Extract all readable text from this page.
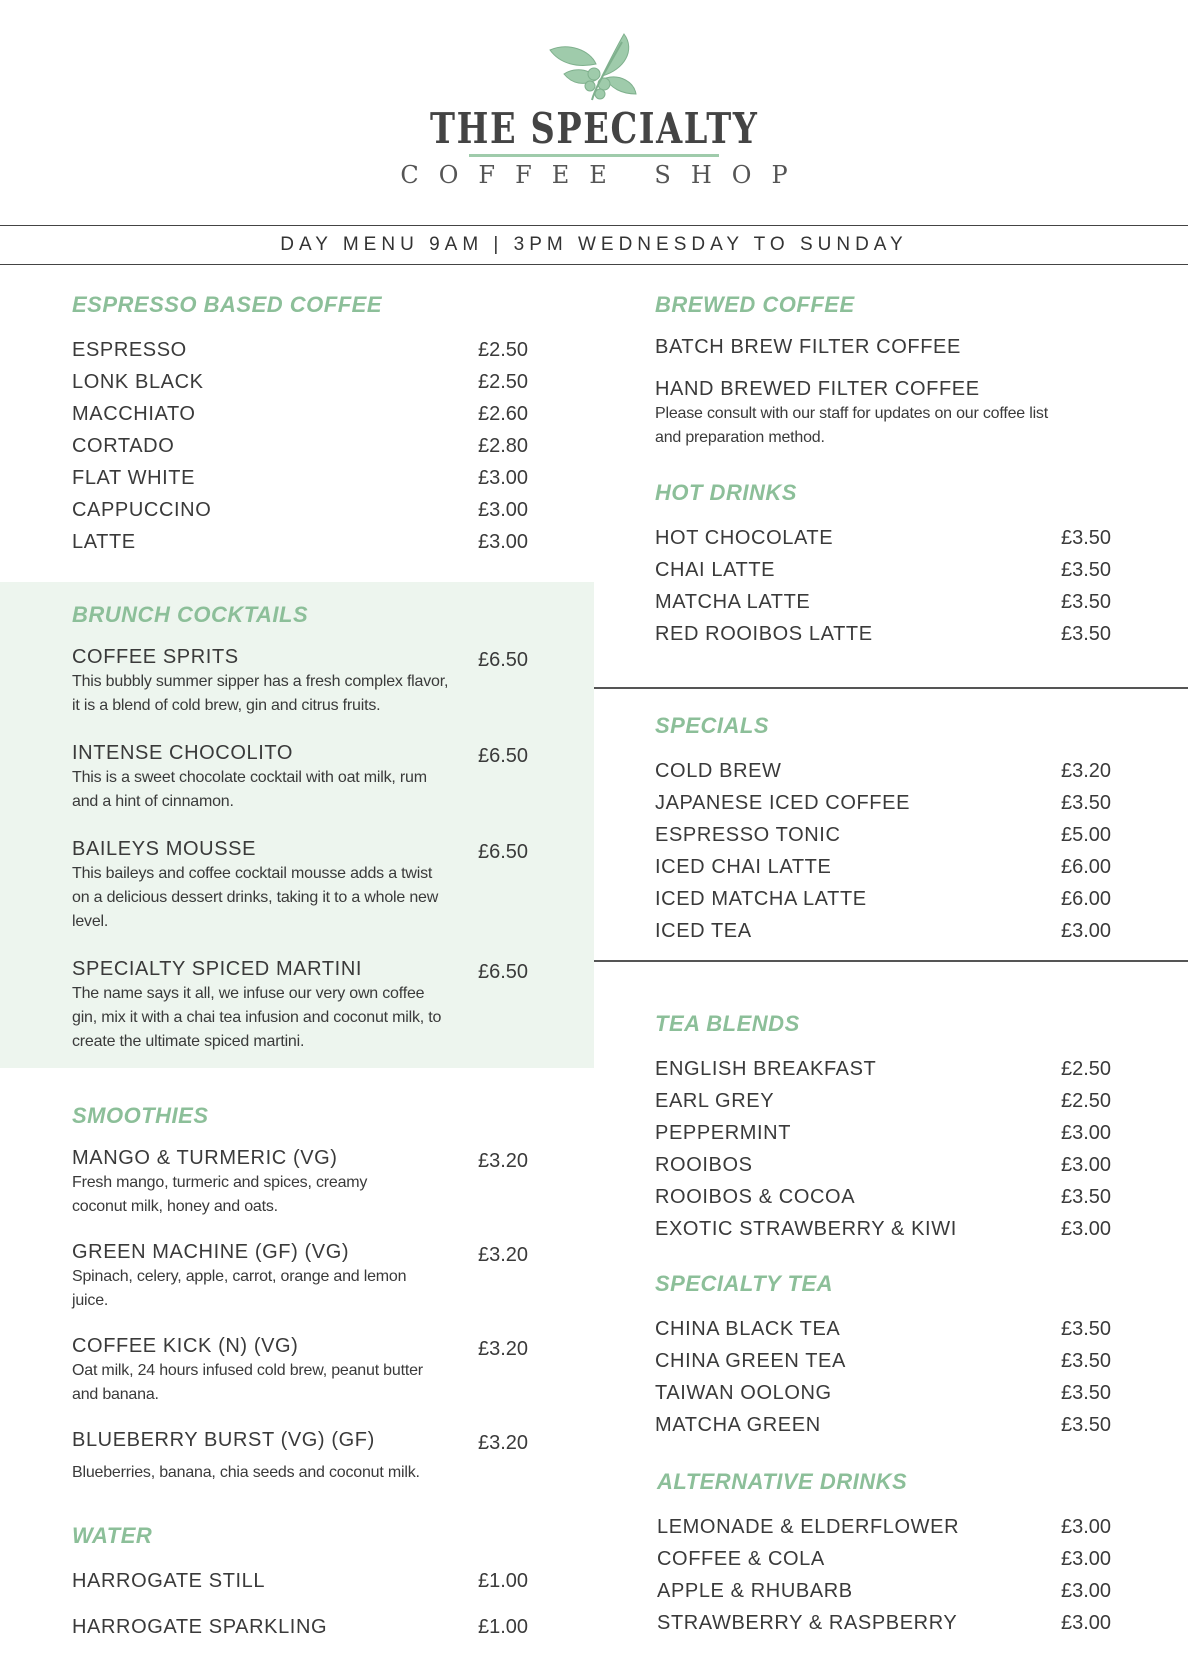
THE SPECIALTY
COFFEE SHOP
DAY MENU 9AM | 3PM WEDNESDAY TO SUNDAY
ESPRESSO BASED COFFEE
ESPRESSO	£2.50
LONK BLACK	£2.50
MACCHIATO	£2.60
CORTADO	£2.80
FLAT WHITE	£3.00
CAPPUCCINO	£3.00
LATTE	£3.00
BRUNCH COCKTAILS
COFFEE SPRITS	£6.50
This bubbly summer sipper has a fresh complex flavor, it is a blend of cold brew, gin and citrus fruits.
INTENSE CHOCOLITO	£6.50
This is a sweet chocolate cocktail with oat milk, rum and a hint of cinnamon.
BAILEYS MOUSSE	£6.50
This baileys and coffee cocktail mousse adds a twist on a delicious dessert drinks, taking it to a whole new level.
SPECIALTY SPICED MARTINI	£6.50
The name says it all, we infuse our very own coffee gin, mix it with a chai tea infusion and coconut milk, to create the ultimate spiced martini.
SMOOTHIES
MANGO & TURMERIC (VG)	£3.20
Fresh mango, turmeric and spices, creamy coconut milk, honey and oats.
GREEN MACHINE (GF) (VG)	£3.20
Spinach, celery, apple, carrot, orange and lemon juice.
COFFEE KICK (N) (VG)	£3.20
Oat milk, 24 hours infused cold brew, peanut butter and banana.
BLUEBERRY BURST (VG) (GF)	£3.20
Blueberries, banana, chia seeds and coconut milk.
WATER
HARROGATE STILL	£1.00
HARROGATE SPARKLING	£1.00
BREWED COFFEE
BATCH BREW FILTER COFFEE
HAND BREWED FILTER COFFEE
Please consult with our staff for updates on our coffee list and preparation method.
HOT DRINKS
HOT CHOCOLATE	£3.50
CHAI LATTE	£3.50
MATCHA LATTE	£3.50
RED ROOIBOS LATTE	£3.50
SPECIALS
COLD BREW	£3.20
JAPANESE ICED COFFEE	£3.50
ESPRESSO TONIC	£5.00
ICED CHAI LATTE	£6.00
ICED MATCHA LATTE	£6.00
ICED TEA	£3.00
TEA BLENDS
ENGLISH BREAKFAST	£2.50
EARL GREY	£2.50
PEPPERMINT	£3.00
ROOIBOS	£3.00
ROOIBOS & COCOA	£3.50
EXOTIC STRAWBERRY & KIWI	£3.00
SPECIALTY TEA
CHINA BLACK TEA	£3.50
CHINA GREEN TEA	£3.50
TAIWAN OOLONG	£3.50
MATCHA GREEN	£3.50
ALTERNATIVE DRINKS
LEMONADE & ELDERFLOWER	£3.00
COFFEE & COLA	£3.00
APPLE & RHUBARB	£3.00
STRAWBERRY & RASPBERRY	£3.00
